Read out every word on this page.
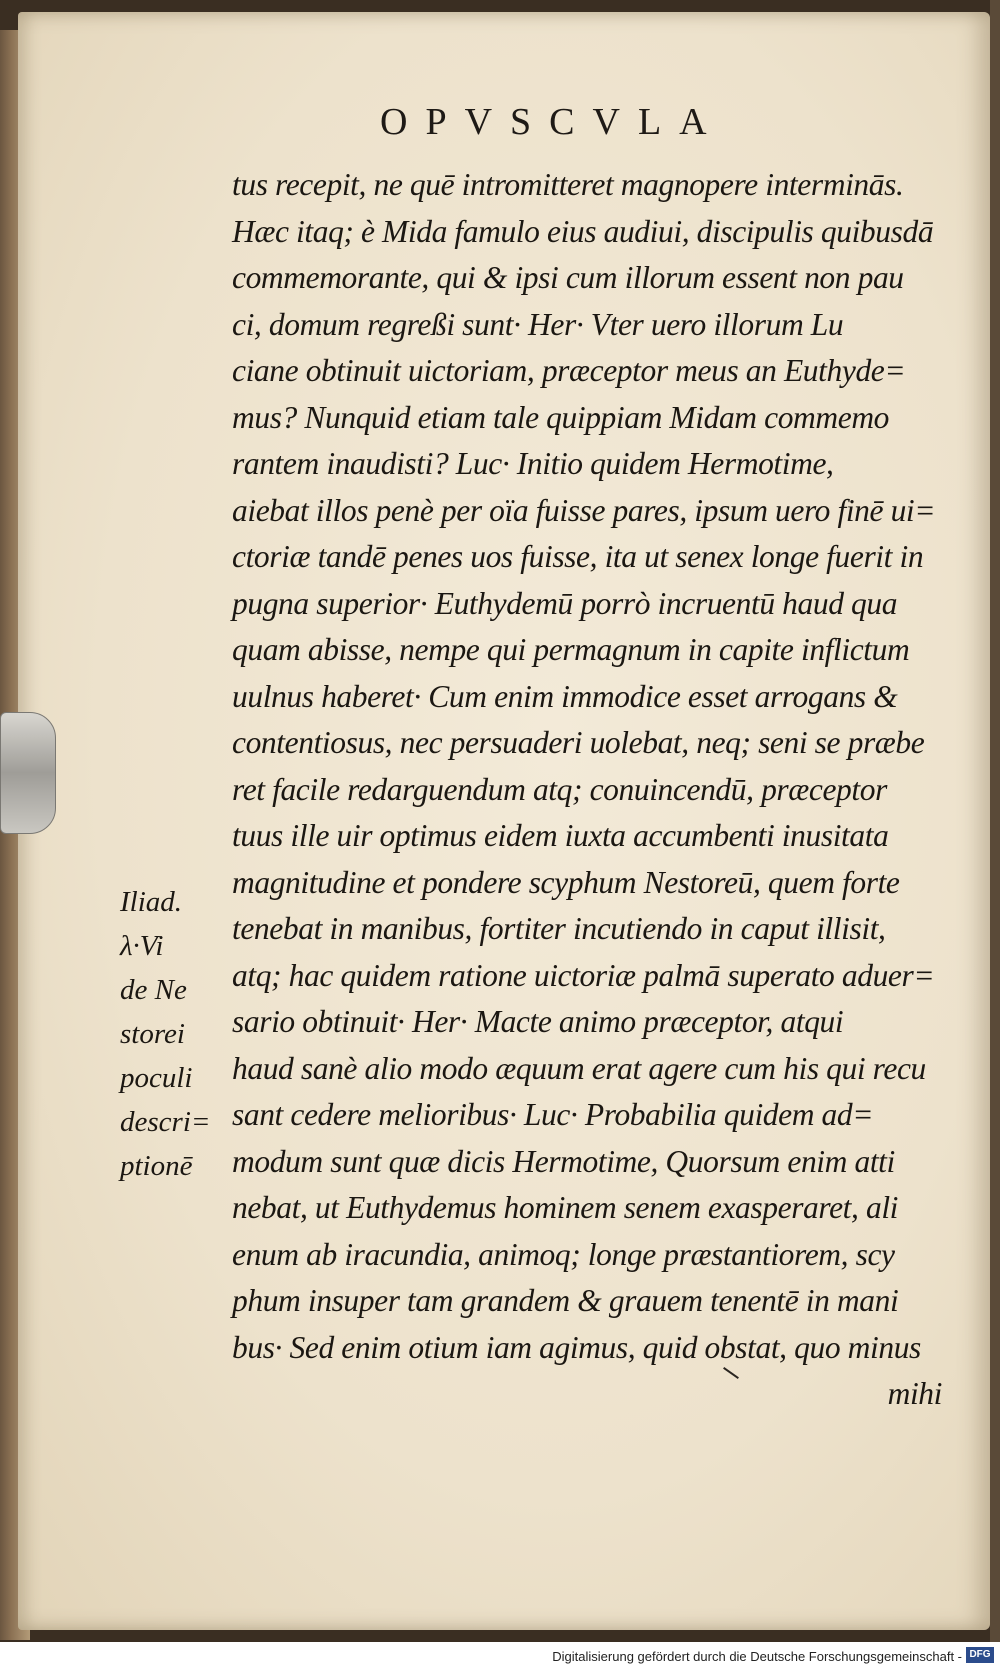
OPVSCVLA
tus recepit, ne quē intromitteret magnopere interminās.
Hæc itaq; è Mida famulo eius audiui, discipulis quibusdā
commemorante, qui & ipsi cum illorum essent non pau
ci, domum regreßi sunt· Her· Vter uero illorum Lu
ciane obtinuit uictoriam, præceptor meus an Euthyde=
mus? Nunquid etiam tale quippiam Midam commemo
rantem inaudisti? Luc· Initio quidem Hermotime,
aiebat illos penè per oïa fuisse pares, ipsum uero finē ui=
ctoriæ tandē penes uos fuisse, ita ut senex longe fuerit in
pugna superior· Euthydemū porrò incruentū haud qua
quam abisse, nempe qui permagnum in capite inflictum
uulnus haberet· Cum enim immodice esset arrogans &
contentiosus, nec persuaderi uolebat, neq; seni se præbe
ret facile redarguendum atq; conuincendū, præceptor
tuus ille uir optimus eidem iuxta accumbenti inusitata
magnitudine et pondere scyphum Nestoreū, quem forte
tenebat in manibus, fortiter incutiendo in caput illisit,
atq; hac quidem ratione uictoriæ palmā superato aduer=
sario obtinuit· Her· Macte animo præceptor, atqui
haud sanè alio modo æquum erat agere cum his qui recu
sant cedere melioribus· Luc· Probabilia quidem ad=
modum sunt quæ dicis Hermotime, Quorsum enim atti
nebat, ut Euthydemus hominem senem exasperaret, ali
enum ab iracundia, animoq; longe præstantiorem, scy
phum insuper tam grandem & grauem tenentē in mani
bus· Sed enim otium iam agimus, quid obstat, quo minus
mihi
Iliad.
λ·Vi
de Ne
storei
poculi
descri=
ptionē
Digitalisierung gefördert durch die Deutsche Forschungsgemeinschaft - DFG
